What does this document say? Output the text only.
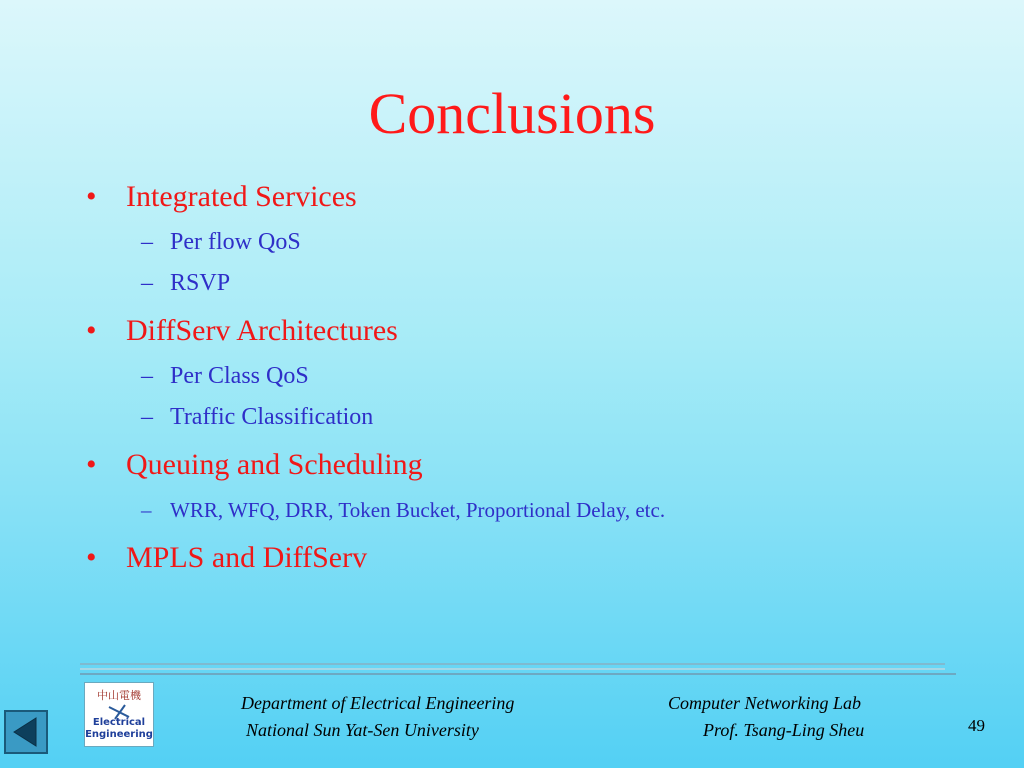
Conclusions
• Integrated Services
– Per flow QoS
– RSVP
• DiffServ Architectures
– Per Class QoS
– Traffic Classification
• Queuing and Scheduling
– WRR, WFQ, DRR, Token Bucket, Proportional Delay, etc.
• MPLS and DiffServ
中山電機
Electrical
Engineering
Department of Electrical Engineering
National Sun Yat-Sen University
Computer Networking Lab
Prof. Tsang-Ling Sheu	49
